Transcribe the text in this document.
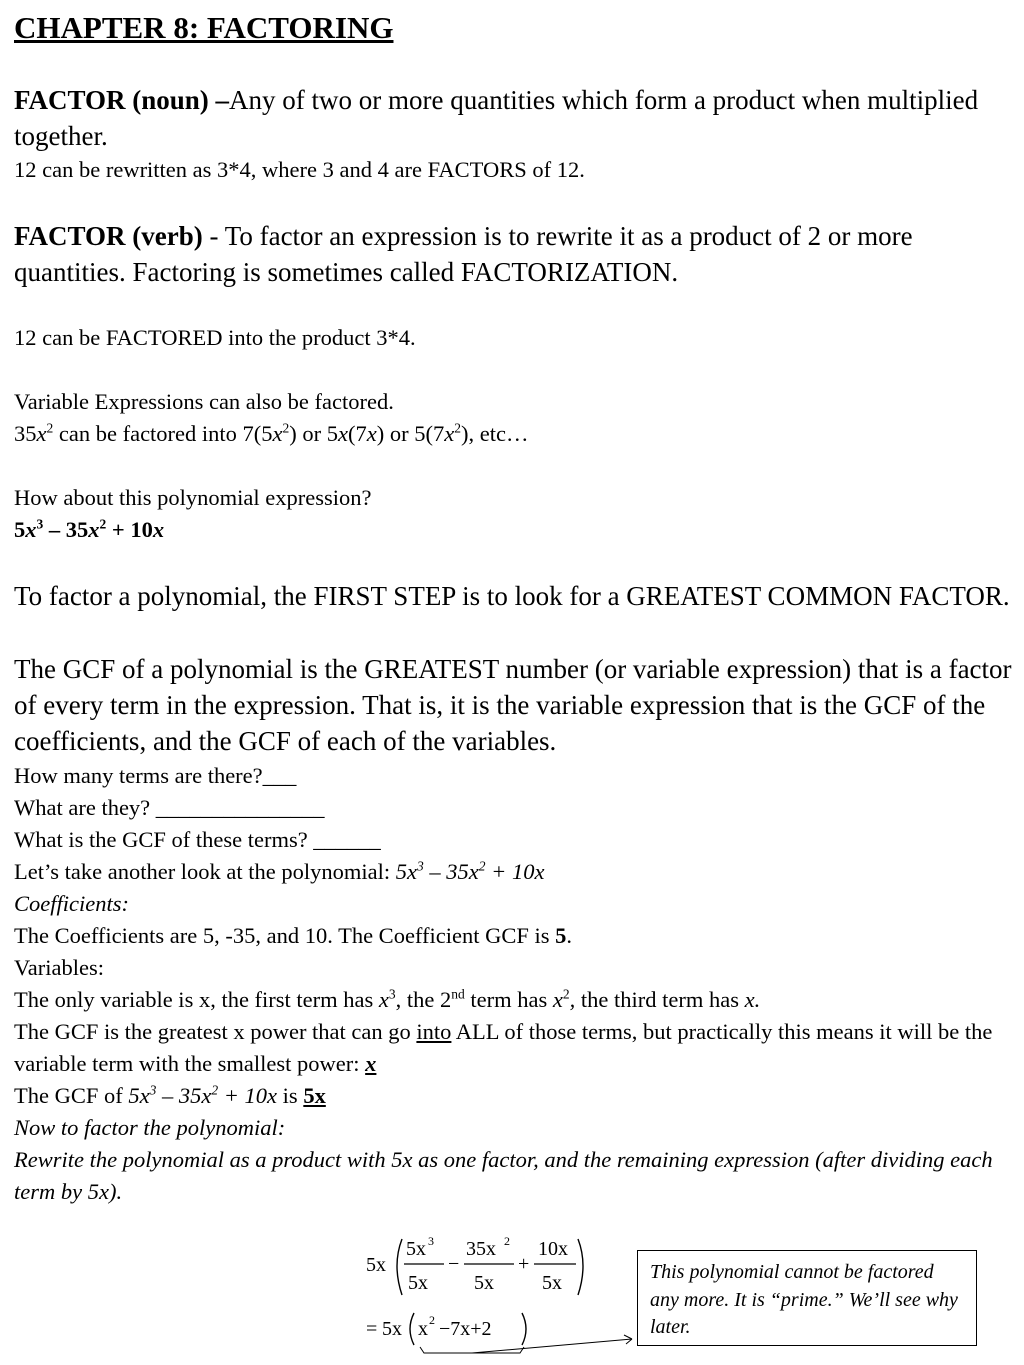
CHAPTER 8: FACTORING
FACTOR (noun) –Any of two or more quantities which form a product when multiplied together.
12 can be rewritten as 3*4, where 3 and 4 are FACTORS of 12.
FACTOR (verb) - To factor an expression is to rewrite it as a product of 2 or more quantities. Factoring is sometimes called FACTORIZATION.
12 can be FACTORED into the product 3*4.
Variable Expressions can also be factored.
$35x^2$ can be factored into $7(5x^2)$ or 5x(7x) or $5(7x^2)$, etc…
How about this polynomial expression?
$5x^3 - 35x^2 + 10x$
To factor a polynomial, the FIRST STEP is to look for a GREATEST COMMON FACTOR.
The GCF of a polynomial is the GREATEST number (or variable expression) that is a factor of every term in the expression. That is, it is the variable expression that is the GCF of the coefficients, and the GCF of each of the variables.
How many terms are there?___
What are they? _______________
What is the GCF of these terms? ______
Let’s take another look at the polynomial: $5x^3 - 35x^2 + 10x$
Coefficients:
The Coefficients are 5, -35, and 10. The Coefficient GCF is 5.
Variables:
The only variable is x, the first term has $x^3$, the 2nd term has $x^2$, the third term has x.
The GCF is the greatest x power that can go into ALL of those terms, but practically this means it will be the variable term with the smallest power: x
The GCF of $5x^3 - 35x^2 + 10x$ is 5x
Now to factor the polynomial:
Rewrite the polynomial as a product with 5x as one factor, and the remaining expression (after dividing each term by 5x).
5x
5x 3
5x
−
35x 2
5x
+
10x
5x
= 5x x 2 −7x+2
This polynomial cannot be factored any more. It is “prime.” We’ll see why later.
